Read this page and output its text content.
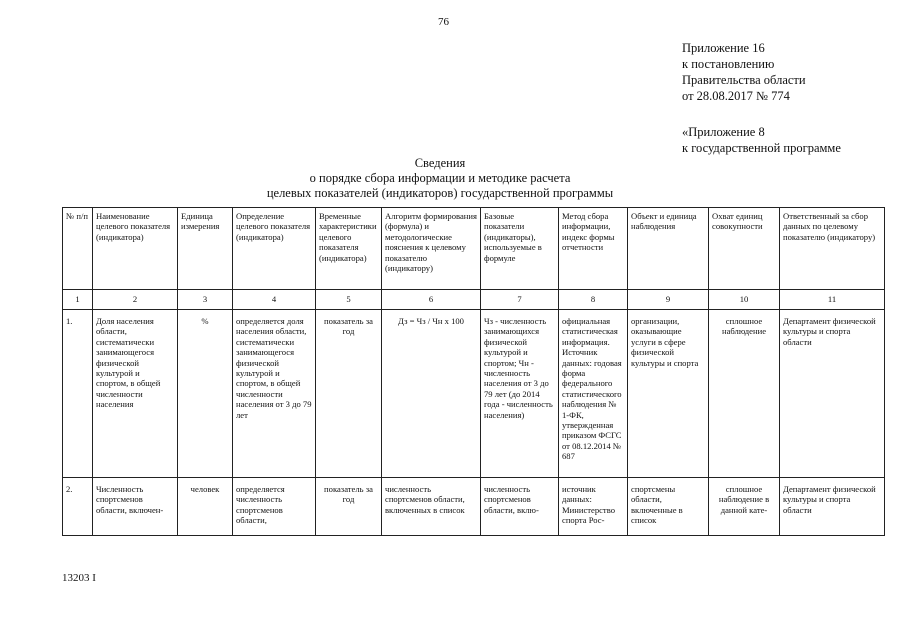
76
Приложение 16
к постановлению
Правительства области
от 28.08.2017 № 774
«Приложение 8
к государственной программе
Сведения
о порядке сбора информации и методике расчета
целевых показателей (индикаторов) государственной программы
№ п/п	Наименование целевого показателя (индикатора)	Единица измерения	Определение целевого показателя (индикатора)	Временные характеристики целевого показателя (индикатора)	Алгоритм формирования (формула) и методологические пояснения к целевому показателю (индикатору)	Базовые показатели (индикаторы), используемые в формуле	Метод сбора информации, индекс формы отчетности	Объект и единица наблюдения	Охват единиц совокупности	Ответственный за сбор данных по целевому показателю (индикатору)
1	2	3	4	5	6	7	8	9	10	11
1.	Доля населения области, систематически занимающегося физической культурой и спортом, в общей численности населения	%	определяется доля населения области, систематически занимающегося физической культурой и спортом, в общей численности населения от 3 до 79 лет	показатель за год	Дз = Чз / Чн х 100	Чз - численность занимающихся физической культурой и спортом; Чн - численность населения от 3 до 79 лет (до 2014 года - численность населения)	официальная статистическая информация. Источник данных: годовая форма федерального статистического наблюдения № 1-ФК, утвержденная приказом ФСГС от 08.12.2014 № 687	организации, оказывающие услуги в сфере физической культуры и спорта	сплошное наблюдение	Департамент физической культуры и спорта области
2.	Численность спортсменов области, включен-	человек	определяется численность спортсменов области,	показатель за год	численность спортсменов области, включенных в список	численность спортсменов области, вклю-	источник данных: Министерство спорта Рос-	спортсмены области, включенные в список	сплошное наблюдение в данной кате-	Департамент физической культуры и спорта области
13203 I
